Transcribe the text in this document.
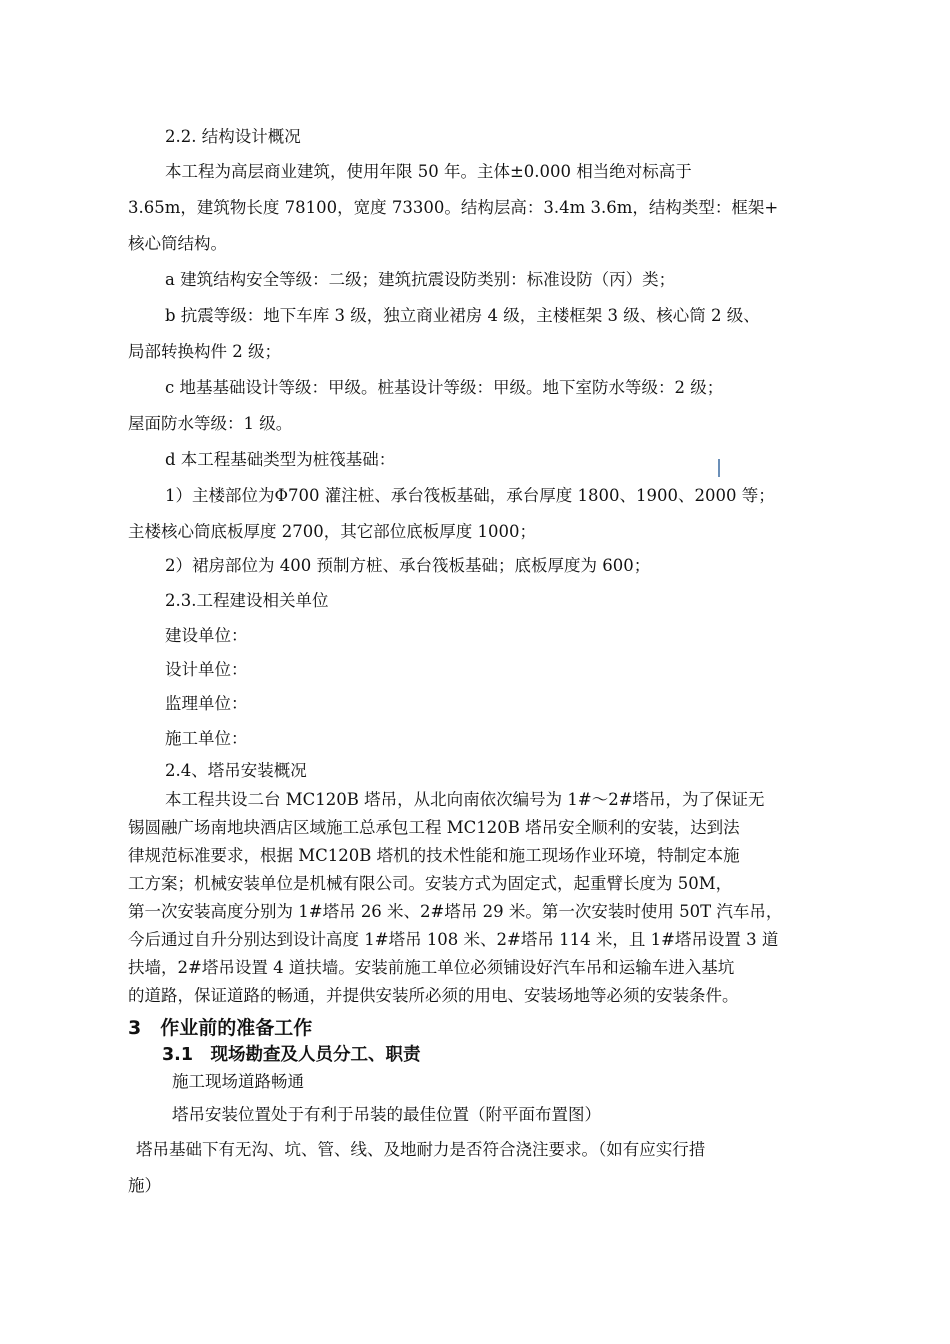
2.2. 结构设计概况
本工程为高层商业建筑，使用年限 50 年。主体±0.000 相当绝对标高于
3.65m，建筑物长度 78100，宽度 73300。结构层高：3.4m 3.6m，结构类型：框架+
核心筒结构。
a 建筑结构安全等级：二级；建筑抗震设防类别：标准设防（丙）类；
b 抗震等级：地下车库 3 级，独立商业裙房 4 级，主楼框架 3 级、核心筒 2 级、
局部转换构件 2 级；
c 地基基础设计等级：甲级。桩基设计等级：甲级。地下室防水等级：2 级；
屋面防水等级：1 级。
d 本工程基础类型为桩筏基础：
1）主楼部位为Φ700 灌注桩、承台筏板基础，承台厚度 1800、1900、2000 等；
主楼核心筒底板厚度 2700，其它部位底板厚度 1000；
2）裙房部位为 400 预制方桩、承台筏板基础；底板厚度为 600；
2.3.工程建设相关单位
建设单位：
设计单位：
监理单位：
施工单位：
2.4、塔吊安装概况
本工程共设二台 MC120B 塔吊，从北向南依次编号为 1#～2#塔吊，为了保证无
锡圆融广场南地块酒店区域施工总承包工程 MC120B 塔吊安全顺利的安装，达到法
律规范标准要求，根据 MC120B 塔机的技术性能和施工现场作业环境，特制定本施
工方案；机械安装单位是机械有限公司。安装方式为固定式，起重臂长度为 50M，
第一次安装高度分别为 1#塔吊 26 米、2#塔吊 29 米。第一次安装时使用 50T 汽车吊，
今后通过自升分别达到设计高度 1#塔吊 108 米、2#塔吊 114 米，且 1#塔吊设置 3 道
扶墙，2#塔吊设置 4 道扶墙。安装前施工单位必须铺设好汽车吊和运输车进入基坑
的道路，保证道路的畅通，并提供安装所必须的用电、安装场地等必须的安装条件。
3　作业前的准备工作
3.1　现场勘查及人员分工、职责
施工现场道路畅通
塔吊安装位置处于有利于吊装的最佳位置（附平面布置图）
塔吊基础下有无沟、坑、管、线、及地耐力是否符合浇注要求。（如有应实行措
施）
